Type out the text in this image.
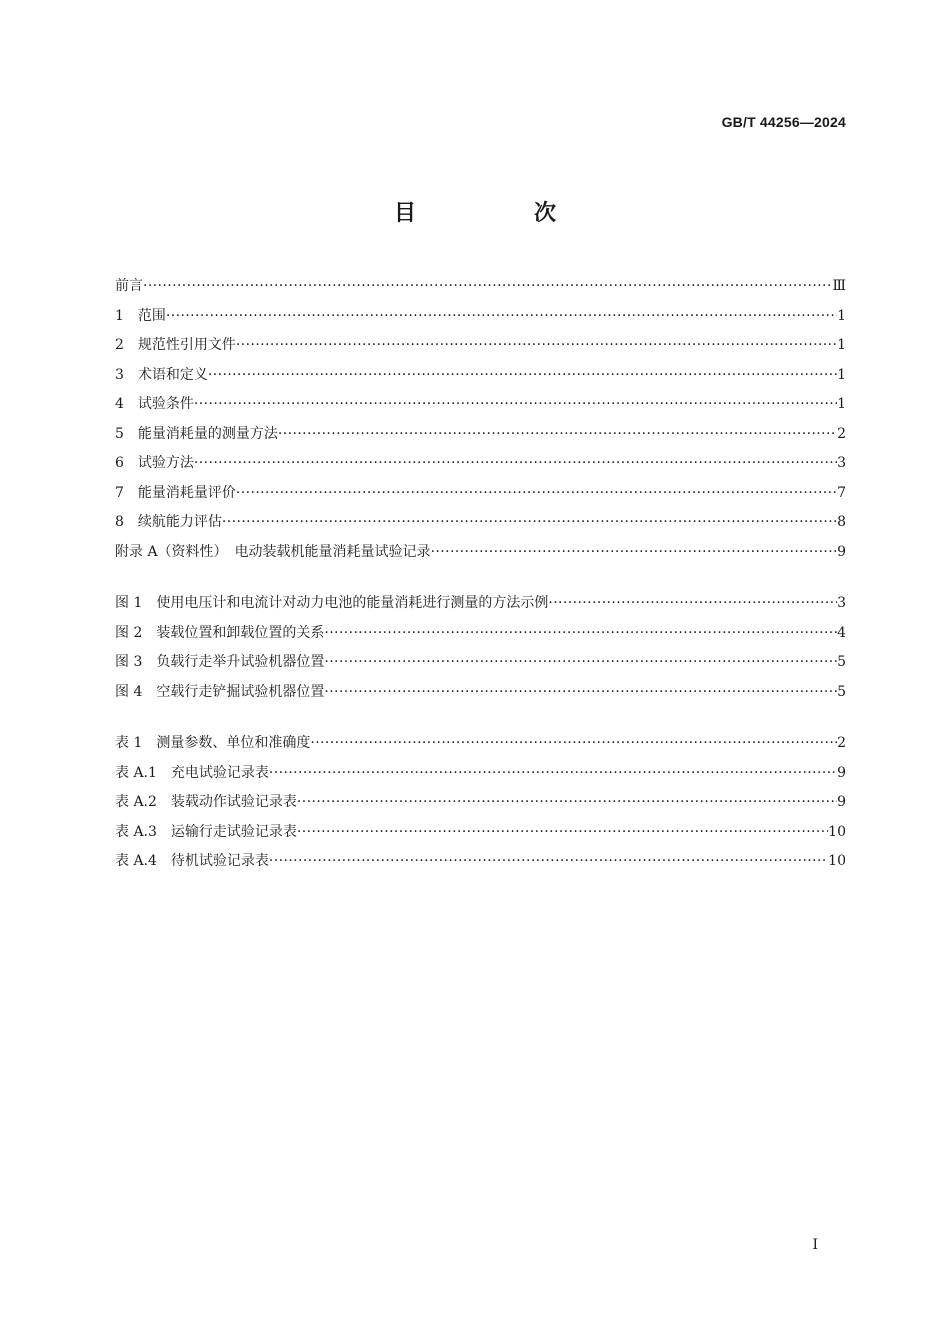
GB/T 44256—2024
目　次
前言 ·····	Ⅲ
1　 范围 ·····	1
2　 规范性引用文件 ·····	1
3　 术语和定义 ·····	1
4　 试验条件 ·····	1
5　 能量消耗量的测量方法 ·····	2
6　 试验方法 ·····	3
7　 能量消耗量评价 ·····	7
8　 续航能力评估 ·····	8
附录 A（资料性）　 电动装载机能量消耗量试验记录 ·····	9
图 1　 使用电压计和电流计对动力电池的能量消耗进行测量的方法示例 ·····	3
图 2　 装载位置和卸载位置的关系 ·····	4
图 3　 负载行走举升试验机器位置 ·····	5
图 4　 空载行走铲掘试验机器位置 ·····	5
表 1　 测量参数、单位和准确度 ·····	2
表 A.1　 充电试验记录表 ·····	9
表 A.2　 装载动作试验记录表 ·····	9
表 A.3　 运输行走试验记录表 ·····	10
表 A.4　 待机试验记录表 ·····	10
I
